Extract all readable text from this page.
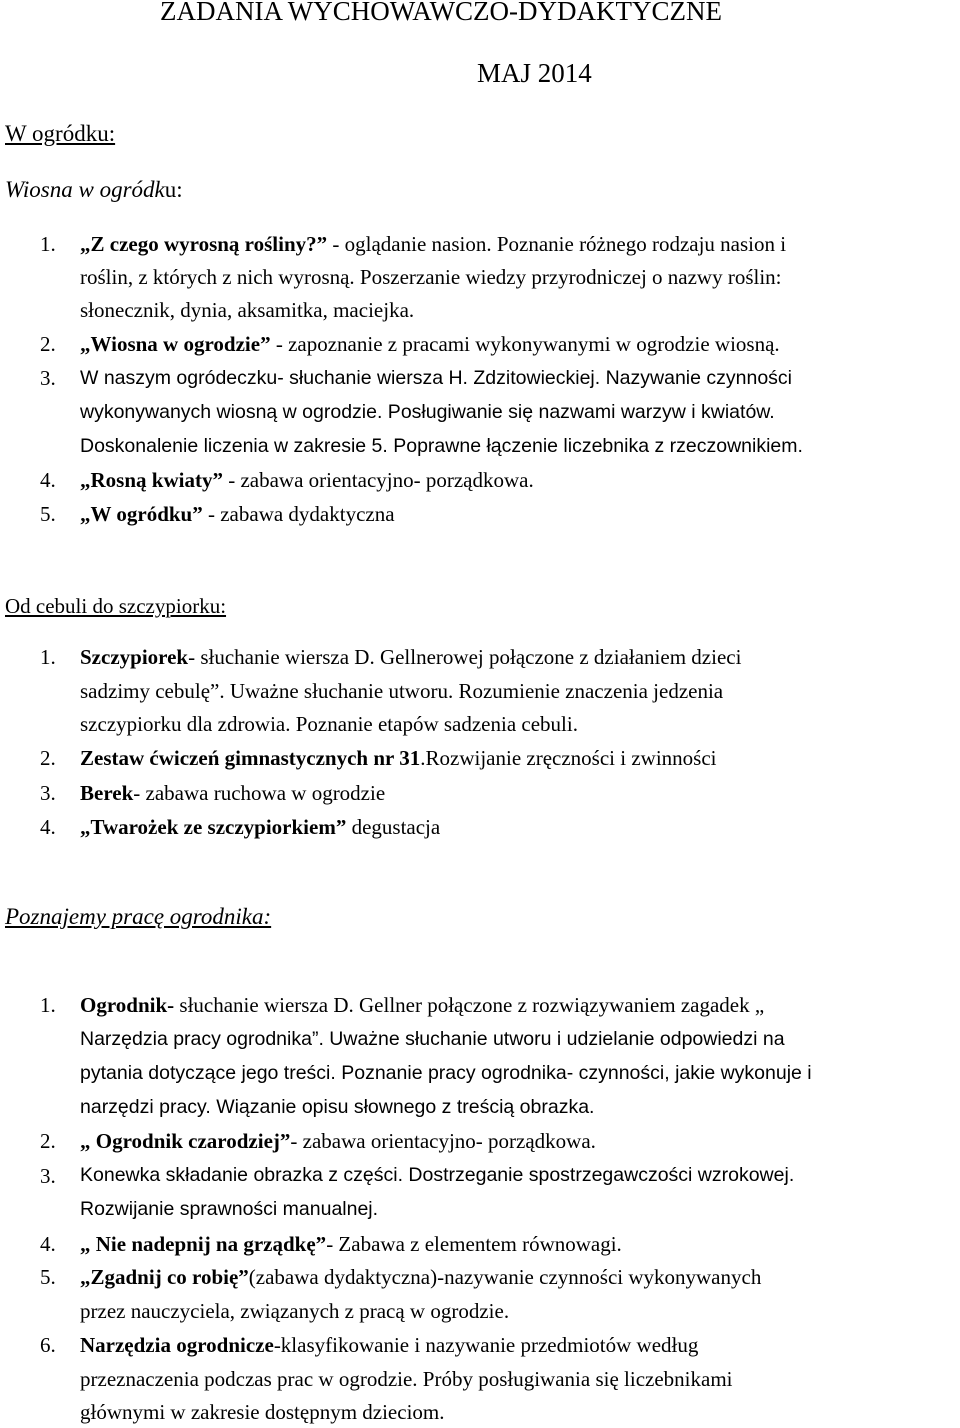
ZADANIA WYCHOWAWCZO-DYDAKTYCZNE
MAJ 2014
W ogródku:
Wiosna w ogródku:
1. „Z czego wyrosną rośliny?” - oglądanie nasion. Poznanie różnego rodzaju nasion i
roślin, z których z nich wyrosną. Poszerzanie wiedzy przyrodniczej o nazwy roślin:
słonecznik, dynia, aksamitka, maciejka.
2. „Wiosna w ogrodzie” - zapoznanie z pracami wykonywanymi w ogrodzie wiosną.
3. W naszym ogródeczku- słuchanie wiersza H. Zdzitowieckiej. Nazywanie czynności
wykonywanych wiosną w ogrodzie. Posługiwanie się nazwami warzyw i kwiatów.
Doskonalenie liczenia w zakresie 5. Poprawne łączenie liczebnika z rzeczownikiem.
4. „Rosną kwiaty” - zabawa orientacyjno- porządkowa.
5. „W ogródku” - zabawa dydaktyczna
Od cebuli do szczypiorku:
1. Szczypiorek- słuchanie wiersza D. Gellnerowej połączone z działaniem dzieci
sadzimy cebulę”. Uważne słuchanie utworu. Rozumienie znaczenia jedzenia
szczypiorku dla zdrowia. Poznanie etapów sadzenia cebuli.
2. Zestaw ćwiczeń gimnastycznych nr 31.Rozwijanie zręczności i zwinności
3. Berek- zabawa ruchowa w ogrodzie
4. „Twarożek ze szczypiorkiem” degustacja
Poznajemy pracę ogrodnika:
1. Ogrodnik- słuchanie wiersza D. Gellner połączone z rozwiązywaniem zagadek „
Narzędzia pracy ogrodnika”. Uważne słuchanie utworu i udzielanie odpowiedzi na
pytania dotyczące jego treści. Poznanie pracy ogrodnika- czynności, jakie wykonuje i
narzędzi pracy. Wiązanie opisu słownego z treścią obrazka.
2. „ Ogrodnik czarodziej”- zabawa orientacyjno- porządkowa.
3. Konewka składanie obrazka z części. Dostrzeganie spostrzegawczości wzrokowej.
Rozwijanie sprawności manualnej.
4. „ Nie nadepnij na grządkę”- Zabawa z elementem równowagi.
5. „Zgadnij co robię”(zabawa dydaktyczna)-nazywanie czynności wykonywanych
przez nauczyciela, związanych z pracą w ogrodzie.
6. Narzędzia ogrodnicze-klasyfikowanie i nazywanie przedmiotów według
przeznaczenia podczas prac w ogrodzie. Próby posługiwania się liczebnikami
głównymi w zakresie dostępnym dzieciom.
